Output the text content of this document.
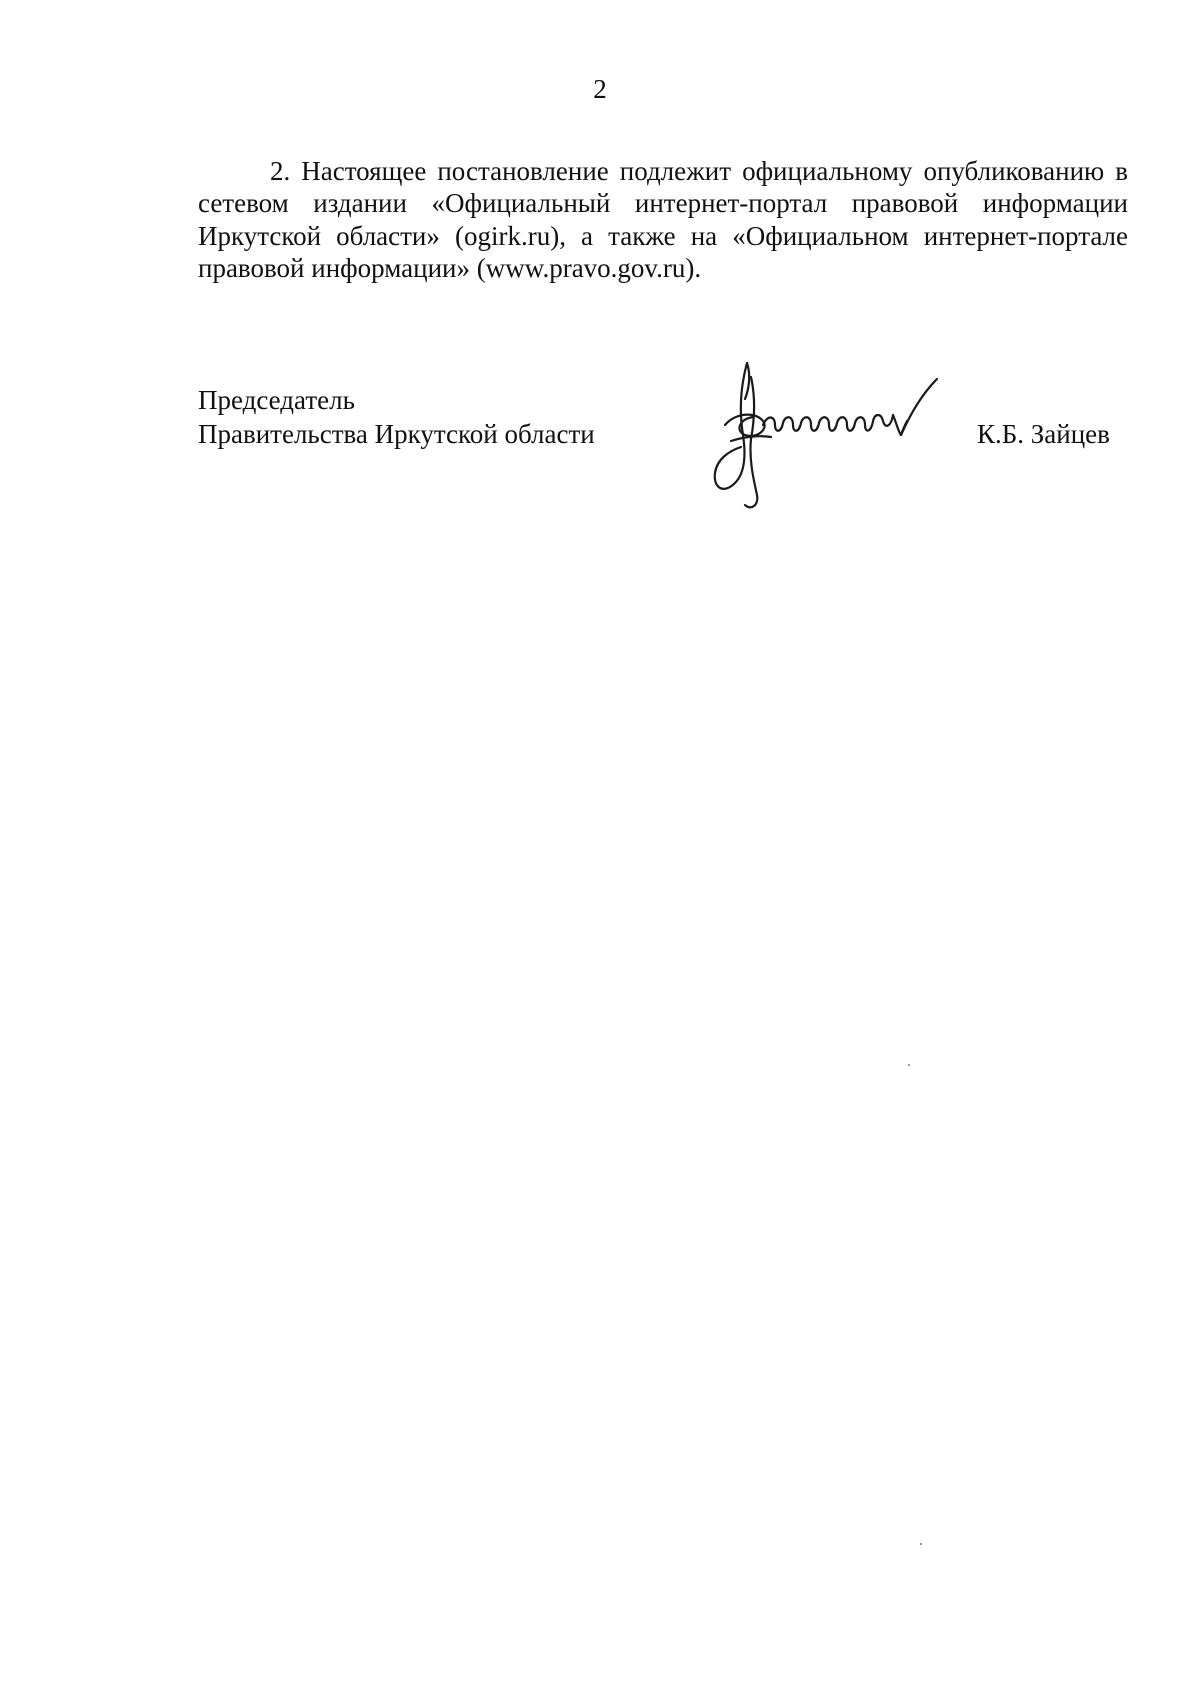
2

2. Настоящее постановление подлежит официальному опубликованию в сетевом издании «Официальный интернет-портал правовой информации Иркутской области» (ogirk.ru), а также на «Официальном интернет-портале правовой информации» (www.pravo.gov.ru).

Председатель
Правительства Иркутской области	К.Б. Зайцев
